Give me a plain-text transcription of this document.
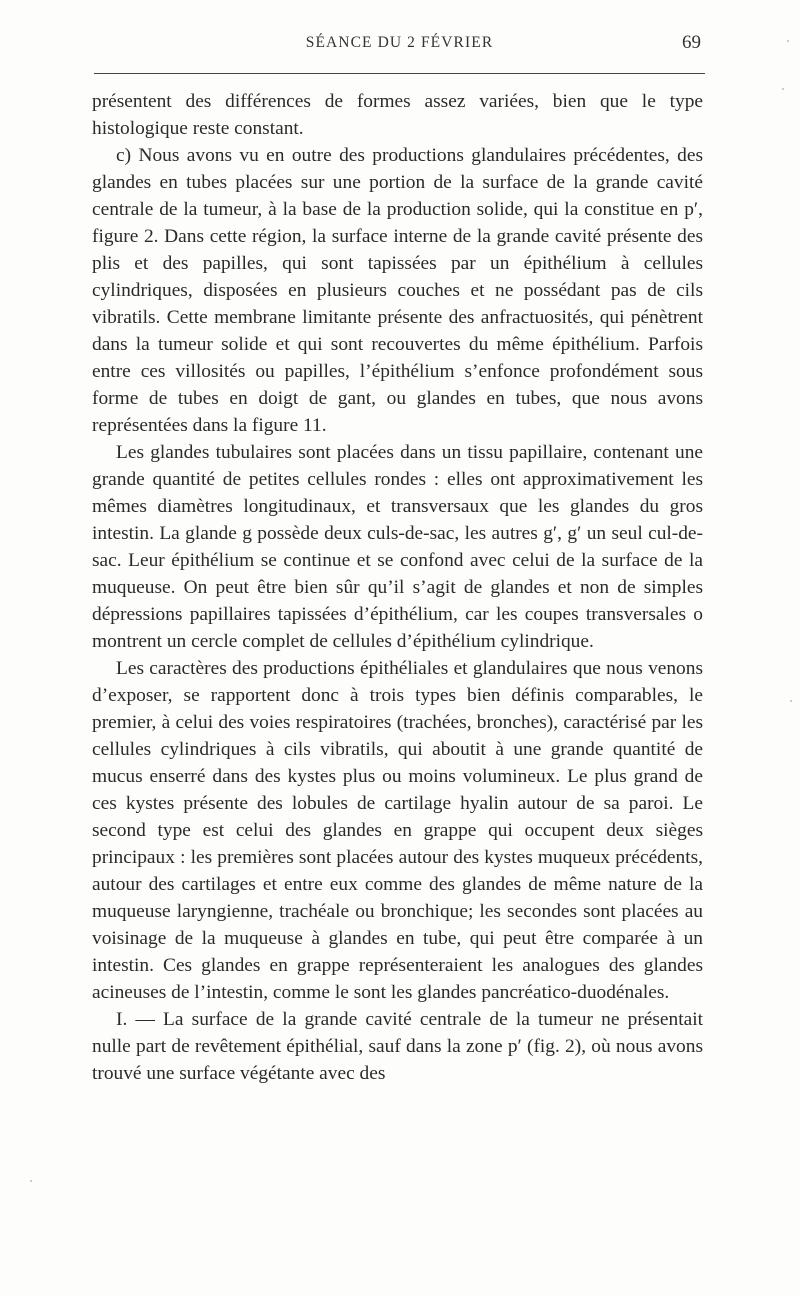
SÉANCE DU 2 FÉVRIER	69

présentent des différences de formes assez variées, bien que le type histologique reste constant.

c) Nous avons vu en outre des productions glandulaires précédentes, des glandes en tubes placées sur une portion de la surface de la grande cavité centrale de la tumeur, à la base de la production solide, qui la constitue en p′, figure 2. Dans cette région, la surface interne de la grande cavité présente des plis et des papilles, qui sont tapissées par un épithélium à cellules cylindriques, disposées en plusieurs couches et ne possédant pas de cils vibratils. Cette membrane limitante présente des anfractuosités, qui pénètrent dans la tumeur solide et qui sont recouvertes du même épithélium. Parfois entre ces villosités ou papilles, l’épithélium s’enfonce profondément sous forme de tubes en doigt de gant, ou glandes en tubes, que nous avons représentées dans la figure 11.

Les glandes tubulaires sont placées dans un tissu papillaire, contenant une grande quantité de petites cellules rondes : elles ont approximativement les mêmes diamètres longitudinaux, et transversaux que les glandes du gros intestin. La glande g possède deux culs-de-sac, les autres g′, g′ un seul cul-de-sac. Leur épithélium se continue et se confond avec celui de la surface de la muqueuse. On peut être bien sûr qu’il s’agit de glandes et non de simples dépressions papillaires tapissées d’épithélium, car les coupes transversales o montrent un cercle complet de cellules d’épithélium cylindrique.

Les caractères des productions épithéliales et glandulaires que nous venons d’exposer, se rapportent donc à trois types bien définis comparables, le premier, à celui des voies respiratoires (trachées, bronches), caractérisé par les cellules cylindriques à cils vibratils, qui aboutit à une grande quantité de mucus enserré dans des kystes plus ou moins volumineux. Le plus grand de ces kystes présente des lobules de cartilage hyalin autour de sa paroi. Le second type est celui des glandes en grappe qui occupent deux sièges principaux : les premières sont placées autour des kystes muqueux précédents, autour des cartilages et entre eux comme des glandes de même nature de la muqueuse laryngienne, trachéale ou bronchique; les secondes sont placées au voisinage de la muqueuse à glandes en tube, qui peut être comparée à un intestin. Ces glandes en grappe représenteraient les analogues des glandes acineuses de l’intestin, comme le sont les glandes pancréatico-duodénales.

I. — La surface de la grande cavité centrale de la tumeur ne présentait nulle part de revêtement épithélial, sauf dans la zone p′ (fig. 2), où nous avons trouvé une surface végétante avec des
